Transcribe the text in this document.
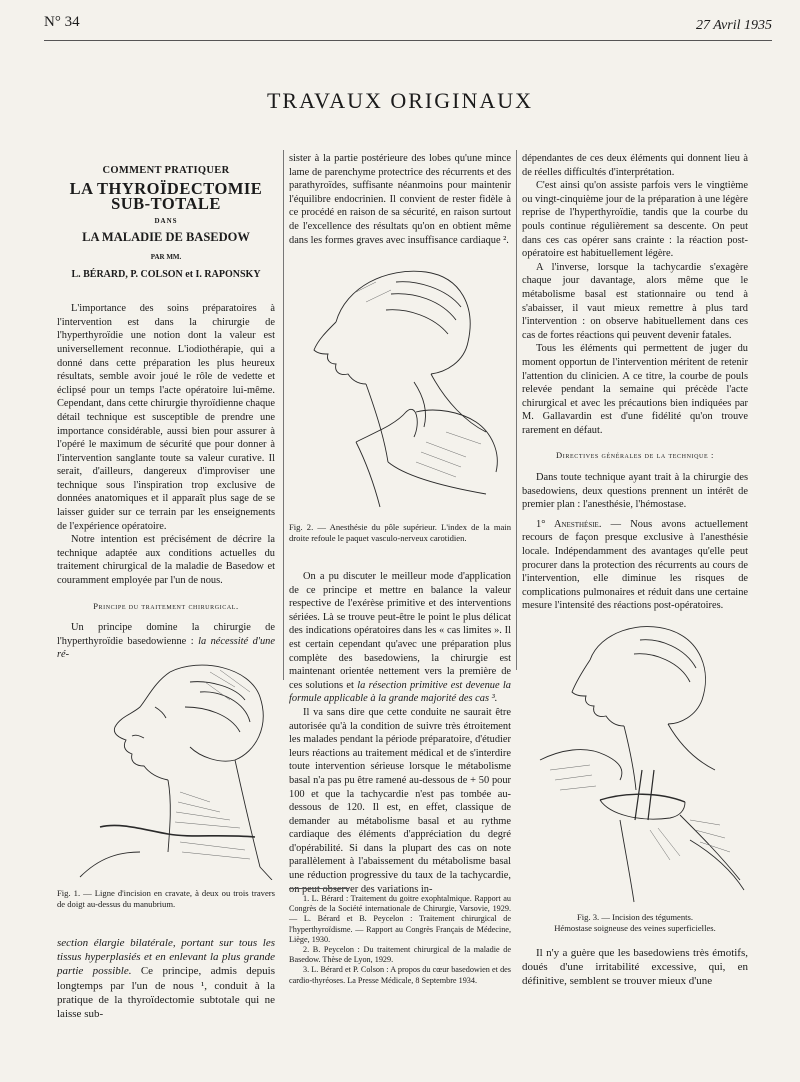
N° 34	27 Avril 1935
TRAVAUX ORIGINAUX
COMMENT PRATIQUER
LA THYROÏDECTOMIE
SUB-TOTALE
DANS
LA MALADIE DE BASEDOW
PAR MM.
L. BÉRARD, P. COLSON et I. RAPONSKY

L'importance des soins préparatoires à l'intervention est dans la chirurgie de l'hyperthyroïdie une notion dont la valeur est universellement reconnue. L'iodiothérapie, qui a donné dans cette préparation les plus heureux résultats, semble avoir joué le rôle de vedette et éclipsé pour un temps l'acte opératoire lui-même. Cependant, dans cette chirurgie thyroïdienne chaque détail technique est susceptible de prendre une importance considérable, aussi bien pour assurer à l'opéré le maximum de sécurité que pour donner à l'intervention sanglante toute sa valeur curative. Il serait, d'ailleurs, dangereux d'improviser une technique sous l'inspiration trop exclusive de données anatomiques et il apparaît plus sage de se laisser guider sur ce terrain par les enseignements de l'expérience opératoire.

Notre intention est précisément de décrire la technique adaptée aux conditions actuelles du traitement chirurgical de la maladie de Basedow et couramment employée par l'un de nous.

Principe du traitement chirurgical.

Un principe domine la chirurgie de l'hyperthyroïdie basedowienne : la nécessité d'une ré-

Fig. 1. — Ligne d'incision en cravate, à deux ou trois travers de doigt au-dessus du manubrium.

section élargie bilatérale, portant sur tous les tissus hyperplasiés et en enlevant la plus grande partie possible. Ce principe, admis depuis longtemps par l'un de nous ¹, conduit à la pratique de la thyroïdectomie subtotale qui ne laisse sub-

sister à la partie postérieure des lobes qu'une mince lame de parenchyme protectrice des récurrents et des parathyroïdes, suffisante néanmoins pour maintenir l'équilibre endocrinien. Il convient de rester fidèle à ce procédé en raison de sa sécurité, en raison surtout de l'excellence des résultats qu'on en obtient même dans les formes graves avec insuffisance cardiaque ².

Fig. 2. — Anesthésie du pôle supérieur. L'index de la main droite refoule le paquet vasculo-nerveux carotidien.

On a pu discuter le meilleur mode d'application de ce principe et mettre en balance la valeur respective de l'exérèse primitive et des interventions sériées. Là se trouve peut-être le point le plus délicat des indications opératoires dans les « cas limites ». Il est certain cependant qu'avec une préparation plus complète des basedowiens, la chirurgie est maintenant orientée nettement vers la première de ces solutions et la résection primitive est devenue la formule applicable à la grande majorité des cas ³.

Il va sans dire que cette conduite ne saurait être autorisée qu'à la condition de suivre très étroitement les malades pendant la période préparatoire, d'étudier leurs réactions au traitement médical et de s'interdire toute intervention sérieuse lorsque le métabolisme basal n'a pas pu être ramené au-dessous de + 50 pour 100 et que la tachycardie n'est pas tombée au-dessous de 120. Il est, en effet, classique de demander au métabolisme basal et au rythme cardiaque des éléments d'appréciation du degré d'opérabilité. Si dans la plupart des cas on note parallèlement à l'abaissement du métabolisme basal une réduction progressive du taux de la tachycardie, on peut observer des variations in-

1. L. Bérard : Traitement du goitre exophtalmique. Rapport au Congrès de la Société internationale de Chirurgie, Varsovie, 1929. — L. Bérard et B. Peycelon : Traitement chirurgical de l'hyperthyroïdisme. — Rapport au Congrès Français de Médecine, Liège, 1930.

2. B. Peycelon : Du traitement chirurgical de la maladie de Basedow. Thèse de Lyon, 1929.

3. L. Bérard et P. Colson : A propos du cœur basedowien et des cardio-thyréoses. La Presse Médicale, 8 Septembre 1934.

dépendantes de ces deux éléments qui donnent lieu à de réelles difficultés d'interprétation.

C'est ainsi qu'on assiste parfois vers le vingtième ou vingt-cinquième jour de la préparation à une légère reprise de l'hyperthyroïdie, tandis que la courbe du pouls continue régulièrement sa descente. On peut dans ces cas opérer sans crainte : la réaction post-opératoire est habituellement légère.

A l'inverse, lorsque la tachycardie s'exagère chaque jour davantage, alors même que le métabolisme basal est stationnaire ou tend à s'abaisser, il vaut mieux remettre à plus tard l'intervention : on observe habituellement dans ces cas de fortes réactions qui peuvent devenir fatales.

Tous les éléments qui permettent de juger du moment opportun de l'intervention méritent de retenir l'attention du clinicien. A ce titre, la courbe de pouls relevée pendant la semaine qui précède l'acte chirurgical et avec les précautions bien indiquées par M. Gallavardin est d'une fidélité qu'on trouve rarement en défaut.

Directives générales de la technique :

Dans toute technique ayant trait à la chirurgie des basedowiens, deux questions prennent un intérêt de premier plan : l'anesthésie, l'hémostase.

1° Anesthésie. — Nous avons actuellement recours de façon presque exclusive à l'anesthésie locale. Indépendamment des avantages qu'elle peut procurer dans la protection des récurrents au cours de l'intervention, elle diminue les risques de complications pulmonaires et réduit dans une certaine mesure l'intensité des réactions post-opératoires.

Fig. 3. — Incision des téguments.
Hémostase soigneuse des veines superficielles.

Il n'y a guère que les basedowiens très émotifs, doués d'une irritabilité excessive, qui, en définitive, semblent se trouver mieux d'une
